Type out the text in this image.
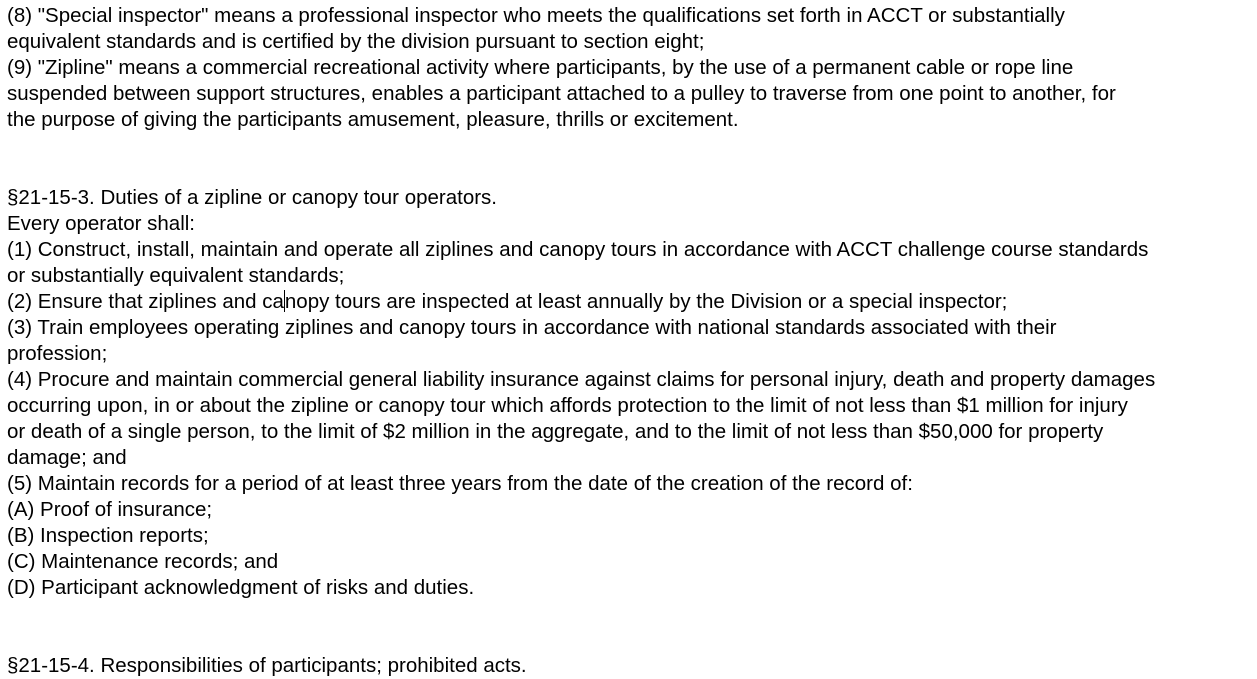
(8) "Special inspector" means a professional inspector who meets the qualifications set forth in ACCT or substantially
equivalent standards and is certified by the division pursuant to section eight;
(9) "Zipline" means a commercial recreational activity where participants, by the use of a permanent cable or rope line
suspended between support structures, enables a participant attached to a pulley to traverse from one point to another, for
the purpose of giving the participants amusement, pleasure, thrills or excitement.
§21-15-3. Duties of a zipline or canopy tour operators.
Every operator shall:
(1) Construct, install, maintain and operate all ziplines and canopy tours in accordance with ACCT challenge course standards
or substantially equivalent standards;
(2) Ensure that ziplines and canopy tours are inspected at least annually by the Division or a special inspector;
(3) Train employees operating ziplines and canopy tours in accordance with national standards associated with their
profession;
(4) Procure and maintain commercial general liability insurance against claims for personal injury, death and property damages
occurring upon, in or about the zipline or canopy tour which affords protection to the limit of not less than $1 million for injury
or death of a single person, to the limit of $2 million in the aggregate, and to the limit of not less than $50,000 for property
damage; and
(5) Maintain records for a period of at least three years from the date of the creation of the record of:
(A) Proof of insurance;
(B) Inspection reports;
(C) Maintenance records; and
(D) Participant acknowledgment of risks and duties.
§21-15-4. Responsibilities of participants; prohibited acts.
